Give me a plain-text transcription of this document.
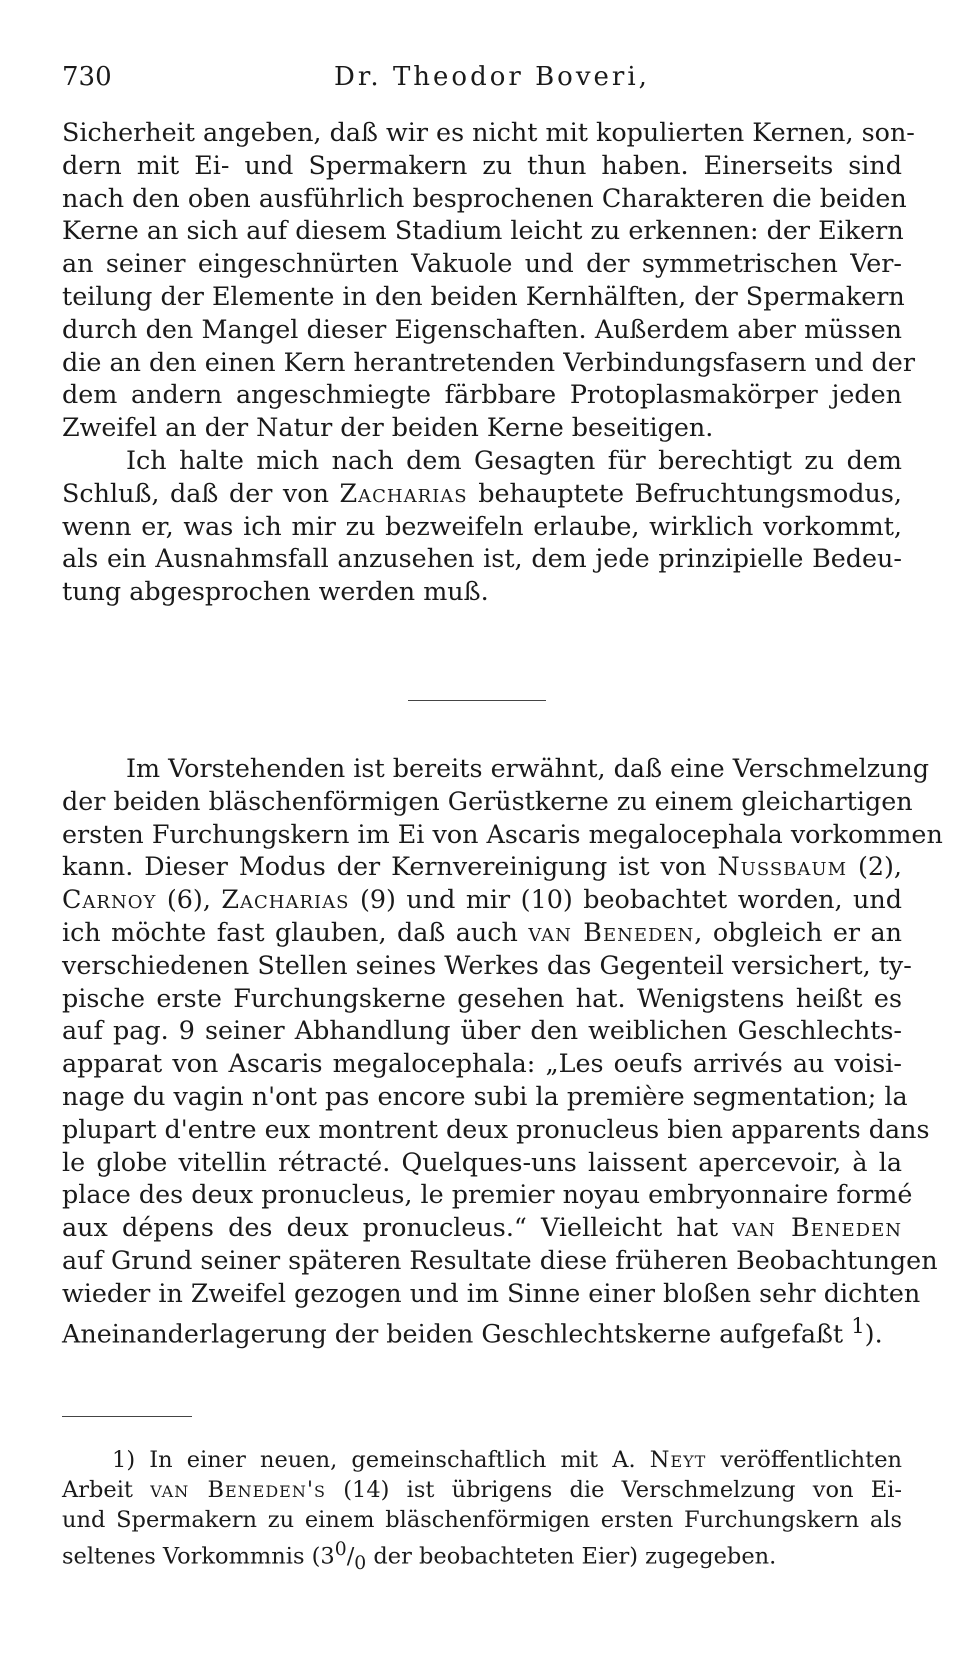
730	Dr. Theodor Boveri,

Sicherheit angeben, daß wir es nicht mit kopulierten Kernen, son-
dern mit Ei- und Spermakern zu thun haben. Einerseits sind
nach den oben ausführlich besprochenen Charakteren die beiden
Kerne an sich auf diesem Stadium leicht zu erkennen: der Eikern
an seiner eingeschnürten Vakuole und der symmetrischen Ver-
teilung der Elemente in den beiden Kernhälften, der Spermakern
durch den Mangel dieser Eigenschaften. Außerdem aber müssen
die an den einen Kern herantretenden Verbindungsfasern und der
dem andern angeschmiegte färbbare Protoplasmakörper jeden
Zweifel an der Natur der beiden Kerne beseitigen.

Ich halte mich nach dem Gesagten für berechtigt zu dem
Schluß, daß der von Zacharias behauptete Befruchtungsmodus,
wenn er, was ich mir zu bezweifeln erlaube, wirklich vorkommt,
als ein Ausnahmsfall anzusehen ist, dem jede prinzipielle Bedeu-
tung abgesprochen werden muß.

Im Vorstehenden ist bereits erwähnt, daß eine Verschmelzung
der beiden bläschenförmigen Gerüstkerne zu einem gleichartigen
ersten Furchungskern im Ei von Ascaris megalocephala vorkommen
kann. Dieser Modus der Kernvereinigung ist von Nussbaum (2),
Carnoy (6), Zacharias (9) und mir (10) beobachtet worden, und
ich möchte fast glauben, daß auch van Beneden, obgleich er an
verschiedenen Stellen seines Werkes das Gegenteil versichert, ty-
pische erste Furchungskerne gesehen hat. Wenigstens heißt es
auf pag. 9 seiner Abhandlung über den weiblichen Geschlechts-
apparat von Ascaris megalocephala: „Les oeufs arrivés au voisi-
nage du vagin n'ont pas encore subi la première segmentation; la
plupart d'entre eux montrent deux pronucleus bien apparents dans
le globe vitellin rétracté. Quelques-uns laissent apercevoir, à la
place des deux pronucleus, le premier noyau embryonnaire formé
aux dépens des deux pronucleus.“ Vielleicht hat van Beneden
auf Grund seiner späteren Resultate diese früheren Beobachtungen
wieder in Zweifel gezogen und im Sinne einer bloßen sehr dichten
Aneinanderlagerung der beiden Geschlechtskerne aufgefaßt $^1$).

1) In einer neuen, gemeinschaftlich mit A. Neyt veröffentlichten
Arbeit van Beneden's (14) ist übrigens die Verschmelzung von Ei-
und Spermakern zu einem bläschenförmigen ersten Furchungskern als
seltenes Vorkommnis ($3^0/_0$ der beobachteten Eier) zugegeben.
